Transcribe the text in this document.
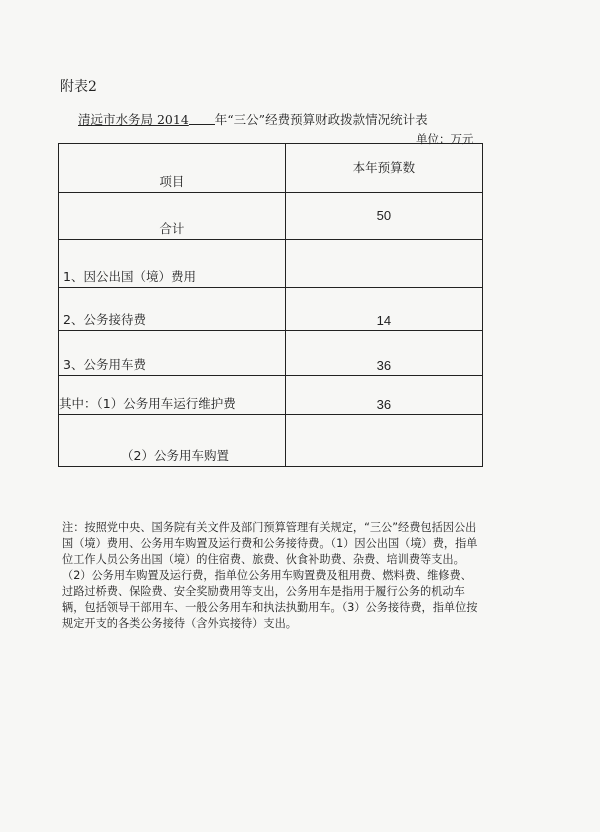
附表2
清远市水务局 2014 年“三公”经费预算财政拨款情况统计表
单位：万元
项目	本年预算数

合计	50

1、因公出国（境）费用	

2、公务接待费	14

3、公务用车费	36

其中：（1）公务用车运行维护费	36

（2）公务用车购置	

注：按照党中央、国务院有关文件及部门预算管理有关规定，“三公”经费包括因公出国（境）费用、公务用车购置及运行费和公务接待费。（1）因公出国（境）费，指单位工作人员公务出国（境）的住宿费、旅费、伙食补助费、杂费、培训费等支出。（2）公务用车购置及运行费，指单位公务用车购置费及租用费、燃料费、维修费、过路过桥费、保险费、安全奖励费用等支出，公务用车是指用于履行公务的机动车辆，包括领导干部用车、一般公务用车和执法执勤用车。（3）公务接待费，指单位按规定开支的各类公务接待（含外宾接待）支出。
